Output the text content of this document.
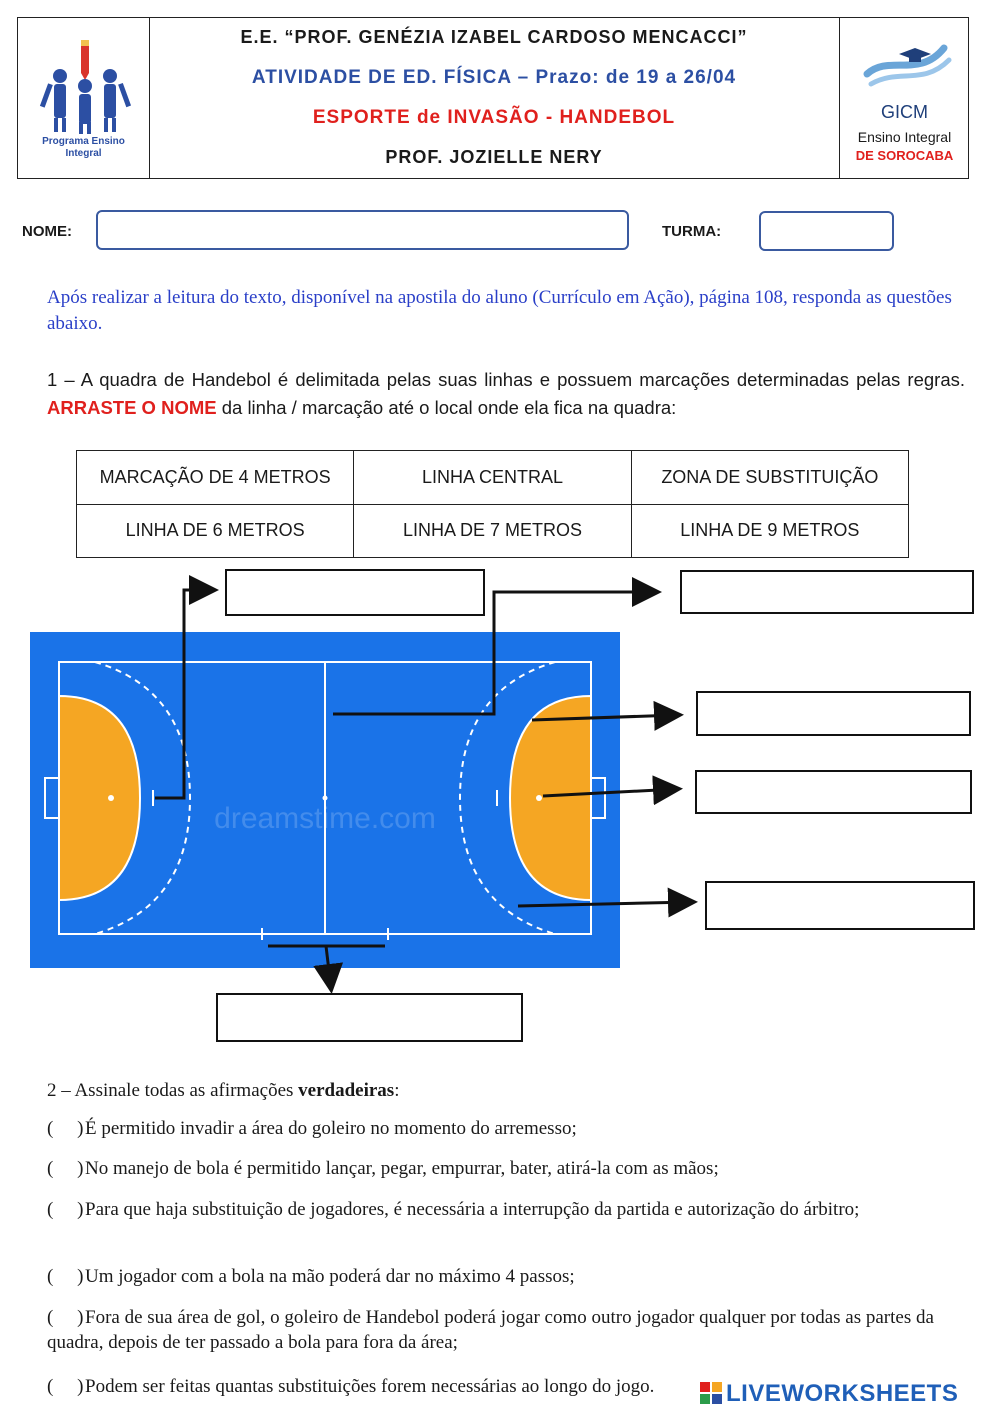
Programa Ensino
Integral
E.E. “PROF. GENÉZIA IZABEL CARDOSO MENCACCI”
ATIVIDADE DE ED. FÍSICA – Prazo: de 19 a 26/04
ESPORTE de INVASÃO - HANDEBOL
PROF. JOZIELLE NERY
GICM
Ensino Integral
DE SOROCABA
NOME:	TURMA:
Após realizar a leitura do texto, disponível na apostila do aluno (Currículo em Ação), página 108, responda as questões abaixo.
1 – A quadra de Handebol é delimitada pelas suas linhas e possuem marcações determinadas pelas regras. ARRASTE O NOME da linha / marcação até o local onde ela fica na quadra:
MARCAÇÃO DE 4 METROS	LINHA CENTRAL	ZONA DE SUBSTITUIÇÃO
LINHA DE 6 METROS	LINHA DE 7 METROS	LINHA DE 9 METROS
dreamstime.com
2 – Assinale todas as afirmações verdadeiras:
(     )É permitido invadir a área do goleiro no momento do arremesso;
(     )No manejo de bola é permitido lançar, pegar, empurrar, bater, atirá-la com as mãos;
(     )Para que haja substituição de jogadores, é necessária a interrupção da partida e autorização do árbitro;
(     )Um jogador com a bola na mão poderá dar no máximo 4 passos;
(     )Fora de sua área de gol, o goleiro de Handebol poderá jogar como outro jogador qualquer por todas as partes da quadra, depois de ter passado a bola para fora da área;
(     )Podem ser feitas quantas substituições forem necessárias ao longo do jogo.	LIVEWORKSHEETS
